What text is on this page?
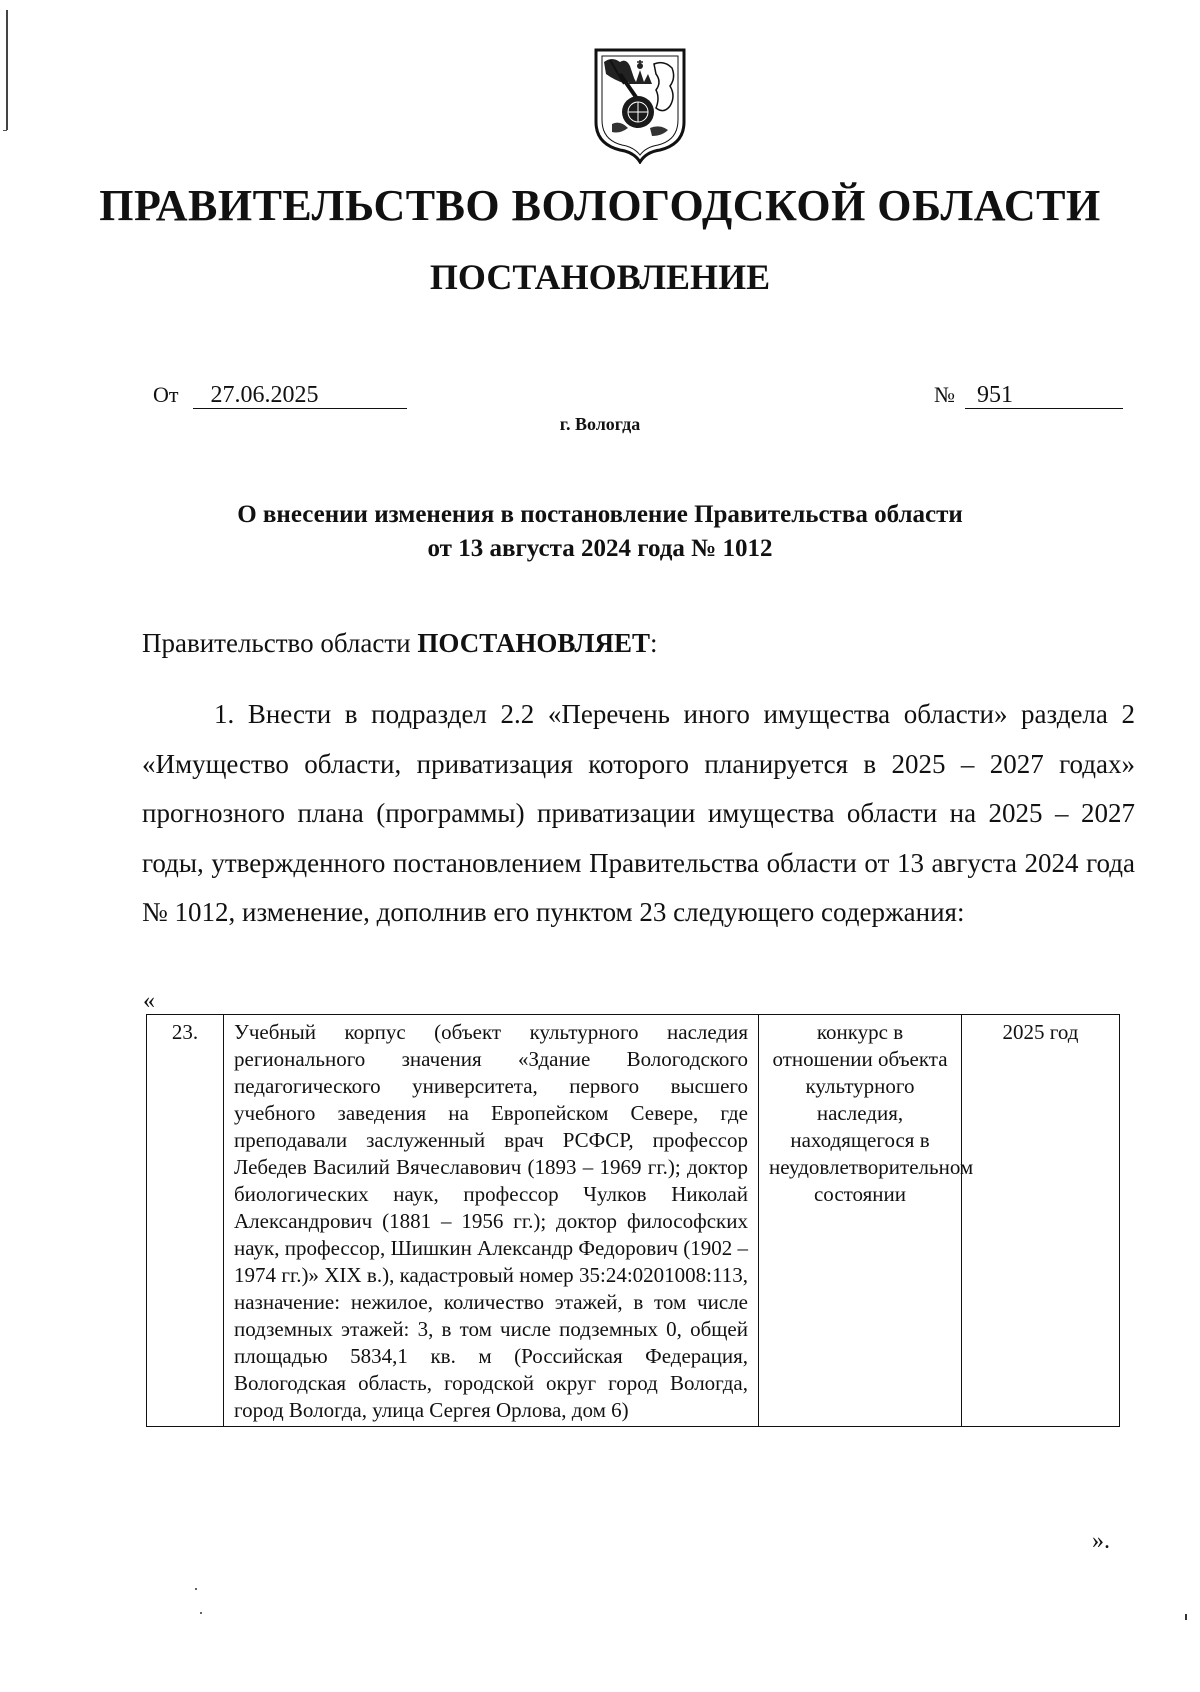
ПРАВИТЕЛЬСТВО ВОЛОГОДСКОЙ ОБЛАСТИ
ПОСТАНОВЛЕНИЕ
От 27.06.2025	№ 951
г. Вологда
О внесении изменения в постановление Правительства области
от 13 августа 2024 года № 1012
Правительство области ПОСТАНОВЛЯЕТ:

1. Внести в подраздел 2.2 «Перечень иного имущества области» раздела 2 «Имущество области, приватизация которого планируется в 2025 – 2027 годах» прогнозного плана (программы) приватизации имущества области на 2025 – 2027 годы, утвержденного постановлением Правительства области от 13 августа 2024 года № 1012, изменение, дополнив его пунктом 23 следующего содержания:

«
23.	Учебный корпус (объект культурного наследия регионального значения «Здание Вологодского педагогического университета, первого высшего учебного заведения на Европейском Севере, где преподавали заслуженный врач РСФСР, профессор Лебедев Василий Вячеславович (1893 – 1969 гг.); доктор биологических наук, профессор Чулков Николай Александрович (1881 – 1956 гг.); доктор философских наук, профессор, Шишкин Александр Федорович (1902 – 1974 гг.)» XIX в.), кадастровый номер 35:24:0201008:113, назначение: нежилое, количество этажей, в том числе подземных этажей: 3, в том числе подземных 0, общей площадью 5834,1 кв. м (Российская Федерация, Вологодская область, городской округ город Вологда, город Вологда, улица Сергея Орлова, дом 6)	конкурс в отношении объекта культурного наследия, находящегося в неудовлетворительном состоянии	2025 год
».
